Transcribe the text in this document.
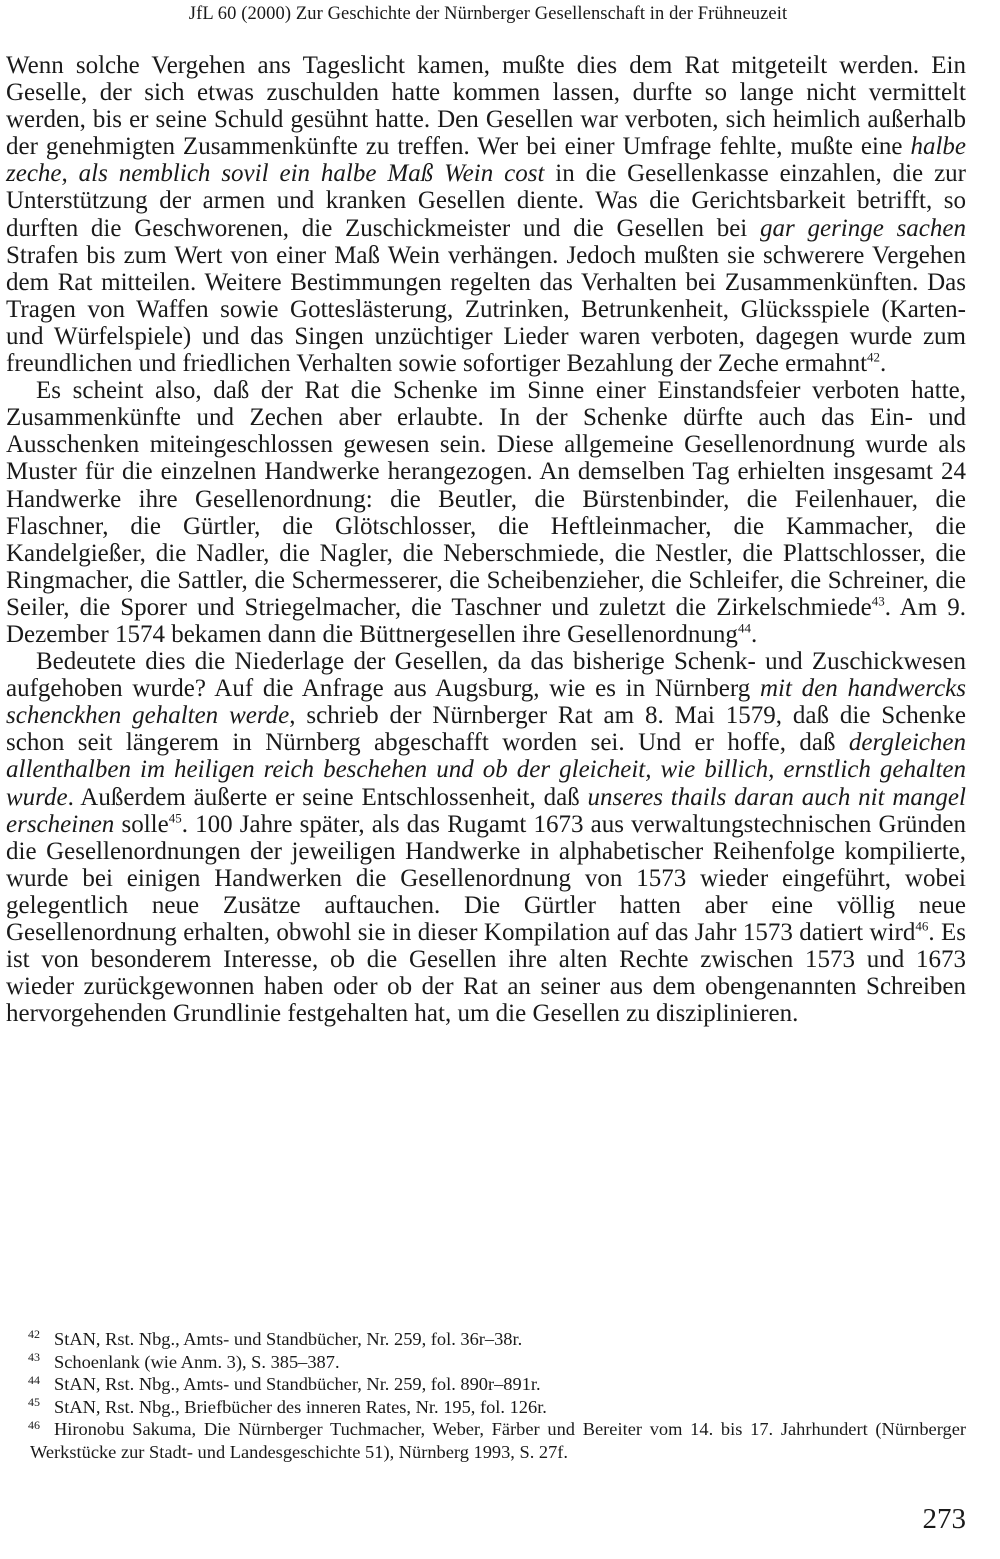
JfL 60 (2000) Zur Geschichte der Nürnberger Gesellenschaft in der Frühneuzeit

Wenn solche Vergehen ans Tageslicht kamen, mußte dies dem Rat mitgeteilt werden. Ein Geselle, der sich etwas zuschulden hatte kommen lassen, durfte so lange nicht vermittelt werden, bis er seine Schuld gesühnt hatte. Den Gesellen war verboten, sich heimlich außerhalb der genehmigten Zusammenkünfte zu treffen. Wer bei einer Umfrage fehlte, mußte eine halbe zeche, als nemblich sovil ein halbe Maß Wein cost in die Gesellenkasse einzahlen, die zur Unterstützung der armen und kranken Gesellen diente. Was die Gerichtsbarkeit betrifft, so durften die Geschworenen, die Zuschickmeister und die Gesellen bei gar geringe sachen Strafen bis zum Wert von einer Maß Wein verhängen. Jedoch mußten sie schwerere Vergehen dem Rat mitteilen. Weitere Bestimmungen regelten das Verhalten bei Zusammenkünften. Das Tragen von Waffen sowie Gotteslästerung, Zutrinken, Betrunkenheit, Glücksspiele (Karten- und Würfelspiele) und das Singen unzüchtiger Lieder waren verboten, dagegen wurde zum freundlichen und friedlichen Verhalten sowie sofortiger Bezahlung der Zeche ermahnt$^{42}$.

Es scheint also, daß der Rat die Schenke im Sinne einer Einstandsfeier verboten hatte, Zusammenkünfte und Zechen aber erlaubte. In der Schenke dürfte auch das Ein- und Ausschenken miteingeschlossen gewesen sein. Diese allgemeine Gesellenordnung wurde als Muster für die einzelnen Handwerke herangezogen. An demselben Tag erhielten insgesamt 24 Handwerke ihre Gesellenordnung: die Beutler, die Bürstenbinder, die Feilenhauer, die Flaschner, die Gürtler, die Glötschlosser, die Heftleinmacher, die Kammacher, die Kandelgießer, die Nadler, die Nagler, die Neberschmiede, die Nestler, die Plattschlosser, die Ringmacher, die Sattler, die Schermesserer, die Scheibenzieher, die Schleifer, die Schreiner, die Seiler, die Sporer und Striegelmacher, die Taschner und zuletzt die Zirkelschmiede$^{43}$. Am 9. Dezember 1574 bekamen dann die Büttnergesellen ihre Gesellenordnung$^{44}$.

Bedeutete dies die Niederlage der Gesellen, da das bisherige Schenk- und Zuschickwesen aufgehoben wurde? Auf die Anfrage aus Augsburg, wie es in Nürnberg mit den handwercks schenckhen gehalten werde, schrieb der Nürnberger Rat am 8. Mai 1579, daß die Schenke schon seit längerem in Nürnberg abgeschafft worden sei. Und er hoffe, daß dergleichen allenthalben im heiligen reich beschehen und ob der gleicheit, wie billich, ernstlich gehalten wurde. Außerdem äußerte er seine Entschlossenheit, daß unseres thails daran auch nit mangel erscheinen solle$^{45}$. 100 Jahre später, als das Rugamt 1673 aus verwaltungstechnischen Gründen die Gesellenordnungen der jeweiligen Handwerke in alphabetischer Reihenfolge kompilierte, wurde bei einigen Handwerken die Gesellenordnung von 1573 wieder eingeführt, wobei gelegentlich neue Zusätze auftauchen. Die Gürtler hatten aber eine völlig neue Gesellenordnung erhalten, obwohl sie in dieser Kompilation auf das Jahr 1573 datiert wird$^{46}$. Es ist von besonderem Interesse, ob die Gesellen ihre alten Rechte zwischen 1573 und 1673 wieder zurückgewonnen haben oder ob der Rat an seiner aus dem obengenannten Schreiben hervorgehenden Grundlinie festgehalten hat, um die Gesellen zu disziplinieren.

42 StAN, Rst. Nbg., Amts- und Standbücher, Nr. 259, fol. 36r–38r.
43 Schoenlank (wie Anm. 3), S. 385–387.
44 StAN, Rst. Nbg., Amts- und Standbücher, Nr. 259, fol. 890r–891r.
45 StAN, Rst. Nbg., Briefbücher des inneren Rates, Nr. 195, fol. 126r.
46 Hironobu Sakuma, Die Nürnberger Tuchmacher, Weber, Färber und Bereiter vom 14. bis 17. Jahrhundert (Nürnberger Werkstücke zur Stadt- und Landesgeschichte 51), Nürnberg 1993, S. 27f.
273
